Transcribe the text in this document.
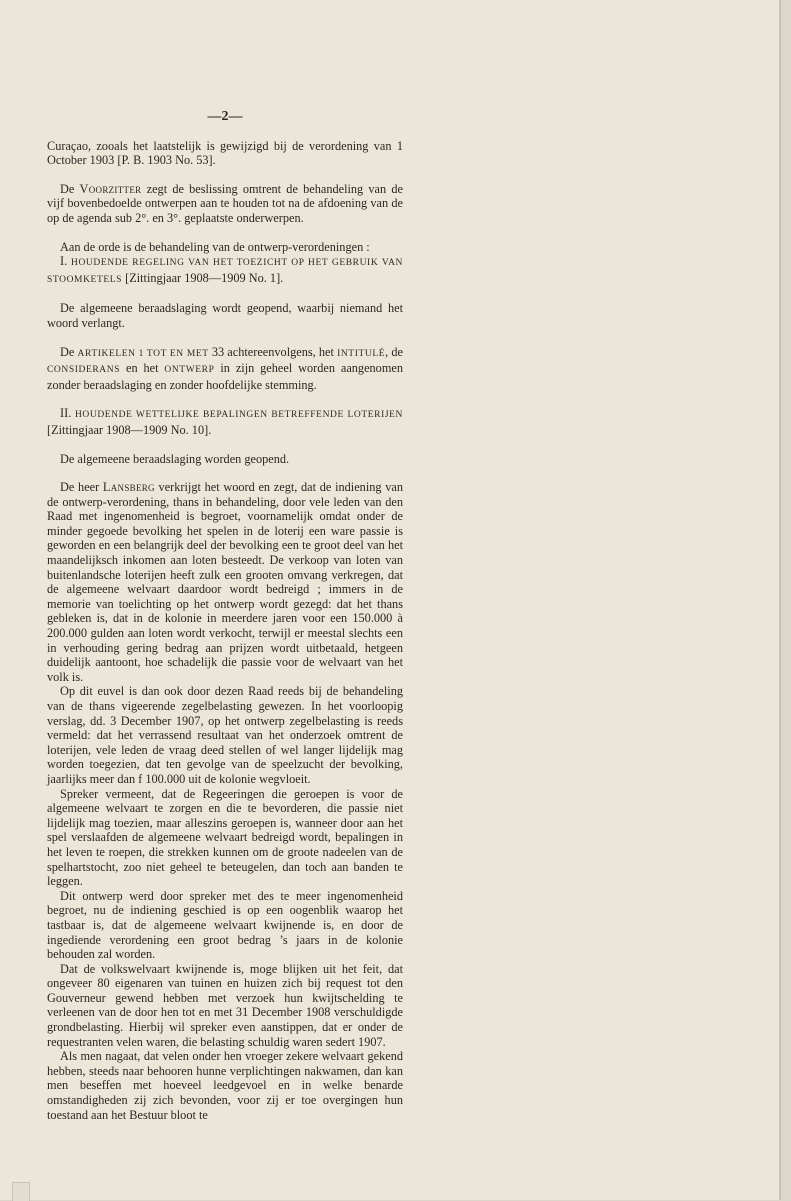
—2—

Curaçao, zooals het laatstelijk is gewijzigd bij de verordening van 1 October 1903 [P. B. 1903 No. 53].

De Voorzitter zegt de beslissing omtrent de behandeling van de vijf bovenbedoelde ontwerpen aan te houden tot na de afdoening van de op de agenda sub 2°. en 3°. geplaatste onderwerpen.

Aan de orde is de behandeling van de ontwerp-verordeningen :

I. HOUDENDE REGELING VAN HET TOEZICHT OP HET GEBRUIK VAN STOOMKETELS [Zittingjaar 1908—1909 No. 1].

De algemeene beraadslaging wordt geopend, waarbij niemand het woord verlangt.

De ARTIKELEN 1 TOT EN MET 33 achtereenvolgens, het INTITULÉ, de CONSIDERANS en het ONTWERP in zijn geheel worden aangenomen zonder beraadslaging en zonder hoofdelijke stemming.

II. HOUDENDE WETTELIJKE BEPALINGEN BETREFFENDE LOTERIJEN [Zittingjaar 1908—1909 No. 10].

De algemeene beraadslaging worden geopend.

De heer Lansberg verkrijgt het woord en zegt, dat de indiening van de ontwerp-verordening, thans in behandeling, door vele leden van den Raad met ingenomenheid is begroet, voornamelijk omdat onder de minder gegoede bevolking het spelen in de loterij een ware passie is geworden en een belangrijk deel der bevolking een te groot deel van het maandelijksch inkomen aan loten besteedt. De verkoop van loten van buitenlandsche loterijen heeft zulk een grooten omvang verkregen, dat de algemeene welvaart daardoor wordt bedreigd ; immers in de memorie van toelichting op het ontwerp wordt gezegd: dat het thans gebleken is, dat in de kolonie in meerdere jaren voor een 150.000 à 200.000 gulden aan loten wordt verkocht, terwijl er meestal slechts een in verhouding gering bedrag aan prijzen wordt uitbetaald, hetgeen duidelijk aantoont, hoe schadelijk die passie voor de welvaart van het volk is.

Op dit euvel is dan ook door dezen Raad reeds bij de behandeling van de thans vigeerende zegelbelasting gewezen. In het voorloopig verslag, dd. 3 December 1907, op het ontwerp zegelbelasting is reeds vermeld: dat het verrassend resultaat van het onderzoek omtrent de loterijen, vele leden de vraag deed stellen of wel langer lijdelijk mag worden toegezien, dat ten gevolge van de speelzucht der bevolking, jaarlijks meer dan f 100.000 uit de kolonie wegvloeit.

Spreker vermeent, dat de Regeeringen die geroepen is voor de algemeene welvaart te zorgen en die te bevorderen, die passie niet lijdelijk mag toezien, maar alleszins geroepen is, wanneer door aan het spel verslaafden de algemeene welvaart bedreigd wordt, bepalingen in het leven te roepen, die strekken kunnen om de groote nadeelen van de spelhartstocht, zoo niet geheel te beteugelen, dan toch aan banden te leggen.

Dit ontwerp werd door spreker met des te meer ingenomenheid begroet, nu de indiening geschied is op een oogenblik waarop het tastbaar is, dat de algemeene welvaart kwijnende is, en door de ingediende verordening een groot bedrag ’s jaars in de kolonie behouden zal worden.

Dat de volkswelvaart kwijnende is, moge blijken uit het feit, dat ongeveer 80 eigenaren van tuinen en huizen zich bij request tot den Gouverneur gewend hebben met verzoek hun kwijtschelding te verleenen van de door hen tot en met 31 December 1908 verschuldigde grondbelasting. Hierbij wil spreker even aanstippen, dat er onder de requestranten velen waren, die belasting schuldig waren sedert 1907.

Als men nagaat, dat velen onder hen vroeger zekere welvaart gekend hebben, steeds naar behooren hunne verplichtingen nakwamen, dan kan men beseffen met hoeveel leedgevoel en in welke benarde omstandigheden zij zich bevonden, voor zij er toe overgingen hun toestand aan het Bestuur bloot te
